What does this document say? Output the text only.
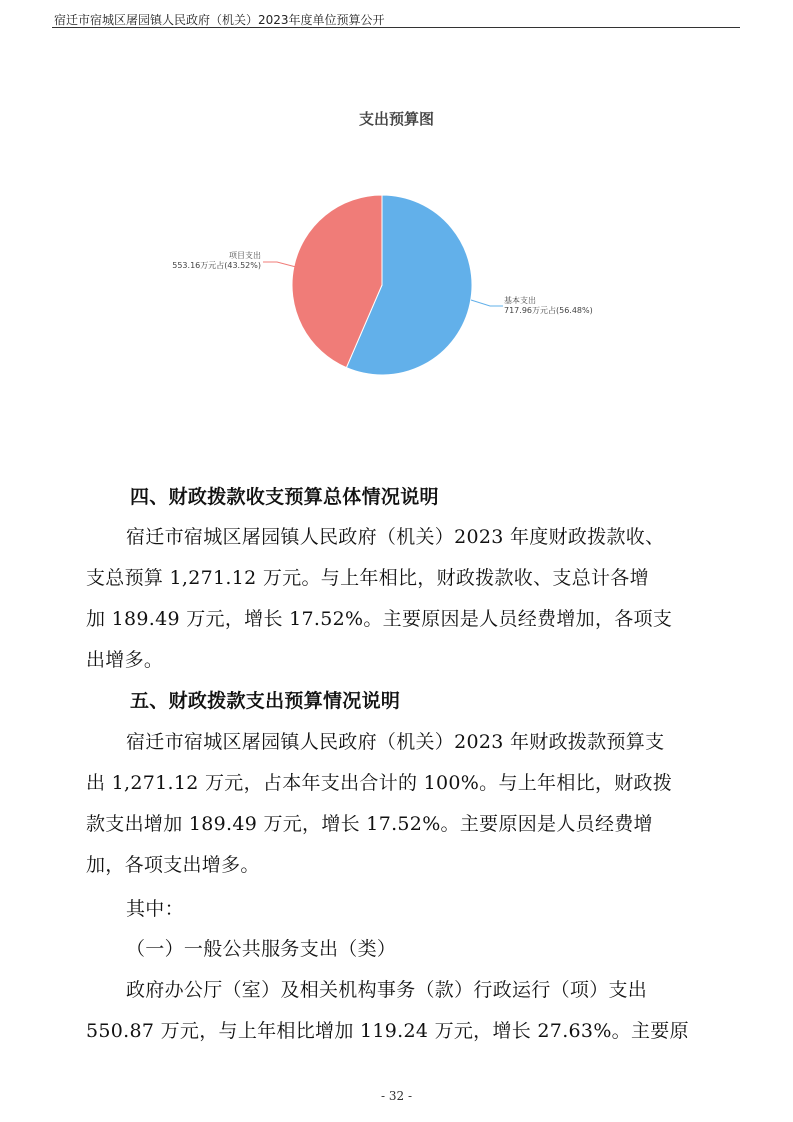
宿迁市宿城区屠园镇人民政府（机关）2023年度单位预算公开
支出预算图
项目支出
553.16万元占(43.52%)
基本支出
717.96万元占(56.48%)
四、财政拨款收支预算总体情况说明
宿迁市宿城区屠园镇人民政府（机关）2023 年度财政拨款收、
支总预算 1,271.12 万元。与上年相比，财政拨款收、支总计各增
加 189.49 万元，增长 17.52%。主要原因是人员经费增加，各项支
出增多。
五、财政拨款支出预算情况说明
宿迁市宿城区屠园镇人民政府（机关）2023 年财政拨款预算支
出 1,271.12 万元，占本年支出合计的 100%。与上年相比，财政拨
款支出增加 189.49 万元，增长 17.52%。主要原因是人员经费增
加，各项支出增多。
其中：
（一）一般公共服务支出（类）
政府办公厅（室）及相关机构事务（款）行政运行（项）支出
550.87 万元，与上年相比增加 119.24 万元，增长 27.63%。主要原
- 32 -
